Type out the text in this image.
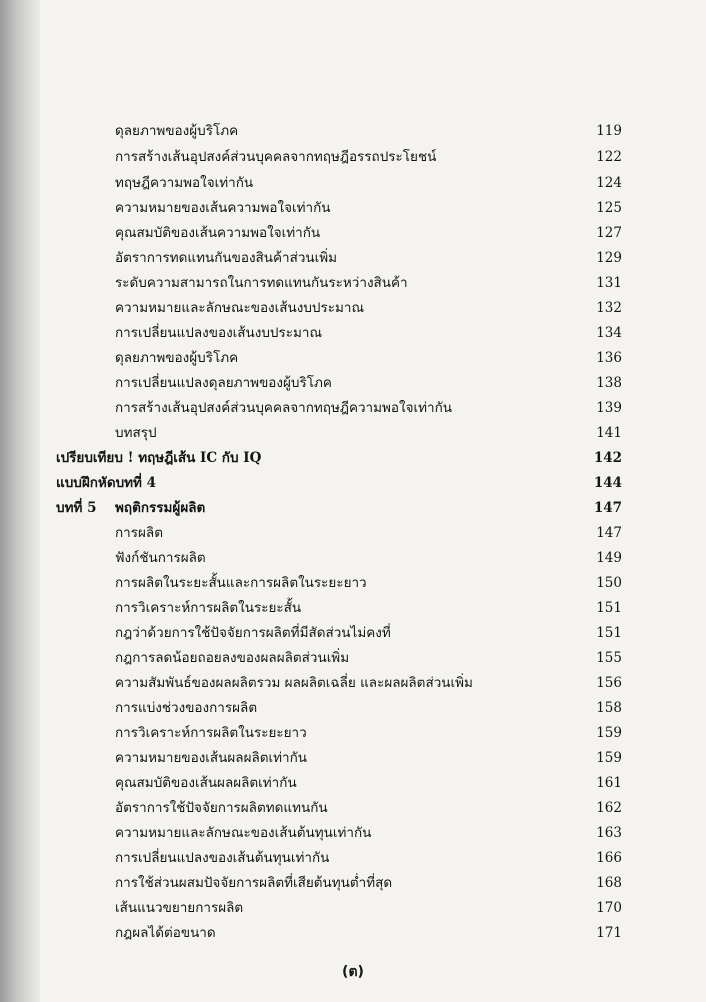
ดุลยภาพของผู้บริโภค	119
การสร้างเส้นอุปสงค์ส่วนบุคคลจากทฤษฎีอรรถประโยชน์	122
ทฤษฎีความพอใจเท่ากัน	124
ความหมายของเส้นความพอใจเท่ากัน	125
คุณสมบัติของเส้นความพอใจเท่ากัน	127
อัตราการทดแทนกันของสินค้าส่วนเพิ่ม	129
ระดับความสามารถในการทดแทนกันระหว่างสินค้า	131
ความหมายและลักษณะของเส้นงบประมาณ	132
การเปลี่ยนแปลงของเส้นงบประมาณ	134
ดุลยภาพของผู้บริโภค	136
การเปลี่ยนแปลงดุลยภาพของผู้บริโภค	138
การสร้างเส้นอุปสงค์ส่วนบุคคลจากทฤษฎีความพอใจเท่ากัน	139
บทสรุป	141
เปรียบเทียบ ! ทฤษฎีเส้น IC กับ IQ	142
แบบฝึกหัดบทที่ 4	144
บทที่ 5 พฤติกรรมผู้ผลิต	147
การผลิต	147
ฟังก์ชันการผลิต	149
การผลิตในระยะสั้นและการผลิตในระยะยาว	150
การวิเคราะห์การผลิตในระยะสั้น	151
กฎว่าด้วยการใช้ปัจจัยการผลิตที่มีสัดส่วนไม่คงที่	151
กฎการลดน้อยถอยลงของผลผลิตส่วนเพิ่ม	155
ความสัมพันธ์ของผลผลิตรวม ผลผลิตเฉลี่ย และผลผลิตส่วนเพิ่ม	156
การแบ่งช่วงของการผลิต	158
การวิเคราะห์การผลิตในระยะยาว	159
ความหมายของเส้นผลผลิตเท่ากัน	159
คุณสมบัติของเส้นผลผลิตเท่ากัน	161
อัตราการใช้ปัจจัยการผลิตทดแทนกัน	162
ความหมายและลักษณะของเส้นต้นทุนเท่ากัน	163
การเปลี่ยนแปลงของเส้นต้นทุนเท่ากัน	166
การใช้ส่วนผสมปัจจัยการผลิตที่เสียต้นทุนต่ำที่สุด	168
เส้นแนวขยายการผลิต	170
กฎผลได้ต่อขนาด	171
(ต)
